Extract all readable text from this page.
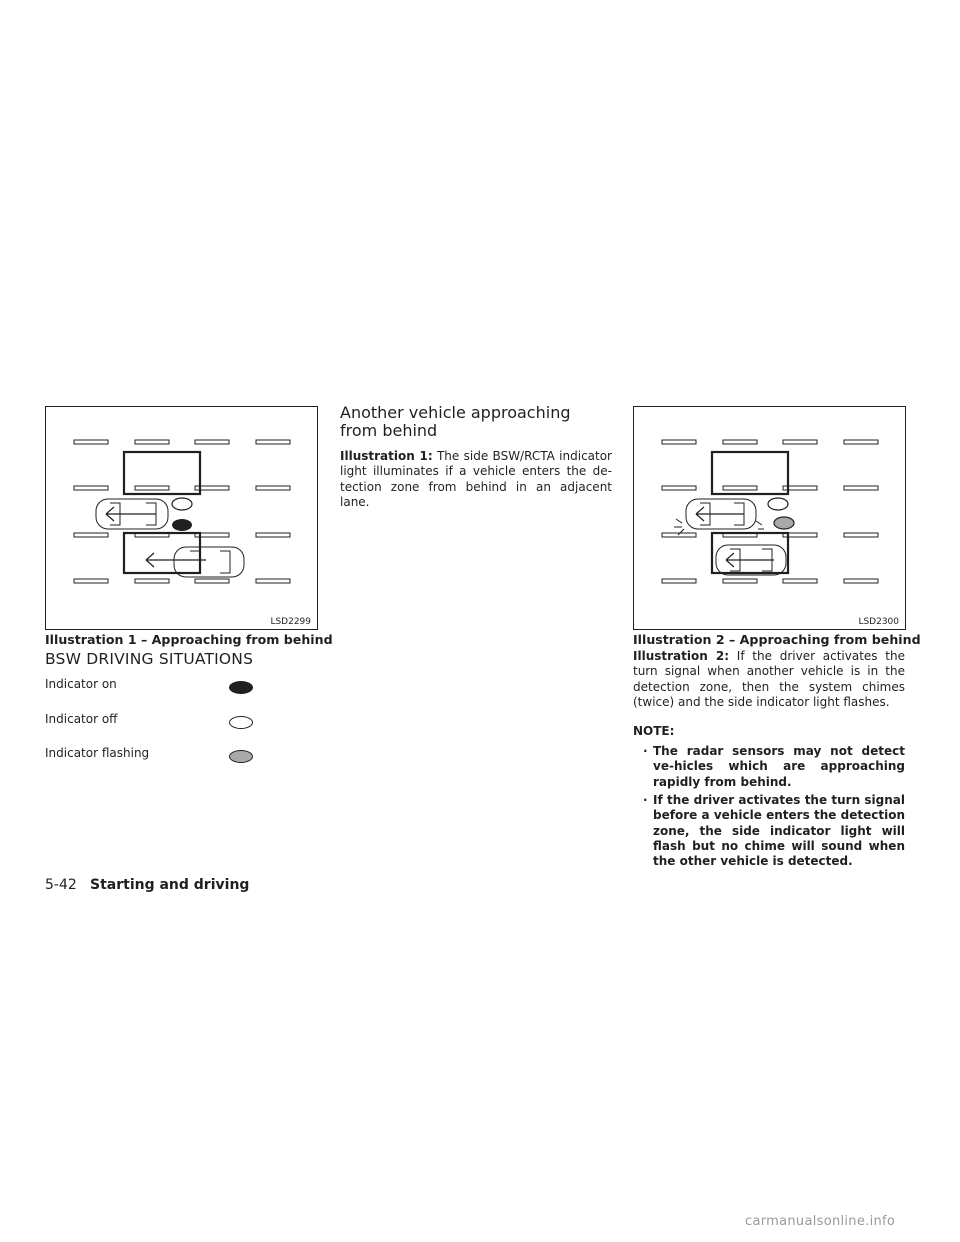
LSD2299
Illustration 1 – Approaching from behind
BSW DRIVING SITUATIONS
Indicator on
Indicator off
Indicator flashing
Another vehicle approaching
from behind
Illustration 1: The side BSW/RCTA indicator light illuminates if a vehicle enters the de-tection zone from behind in an adjacent lane.
LSD2300
Illustration 2 – Approaching from behind
Illustration 2: If the driver activates the turn signal when another vehicle is in the detection zone, then the system chimes (twice) and the side indicator light flashes.
NOTE:
· The radar sensors may not detect ve-hicles which are approaching rapidly from behind.
· If the driver activates the turn signal before a vehicle enters the detection zone, the side indicator light will flash but no chime will sound when the other vehicle is detected.
5-42 Starting and driving
carmanualsonline.info
